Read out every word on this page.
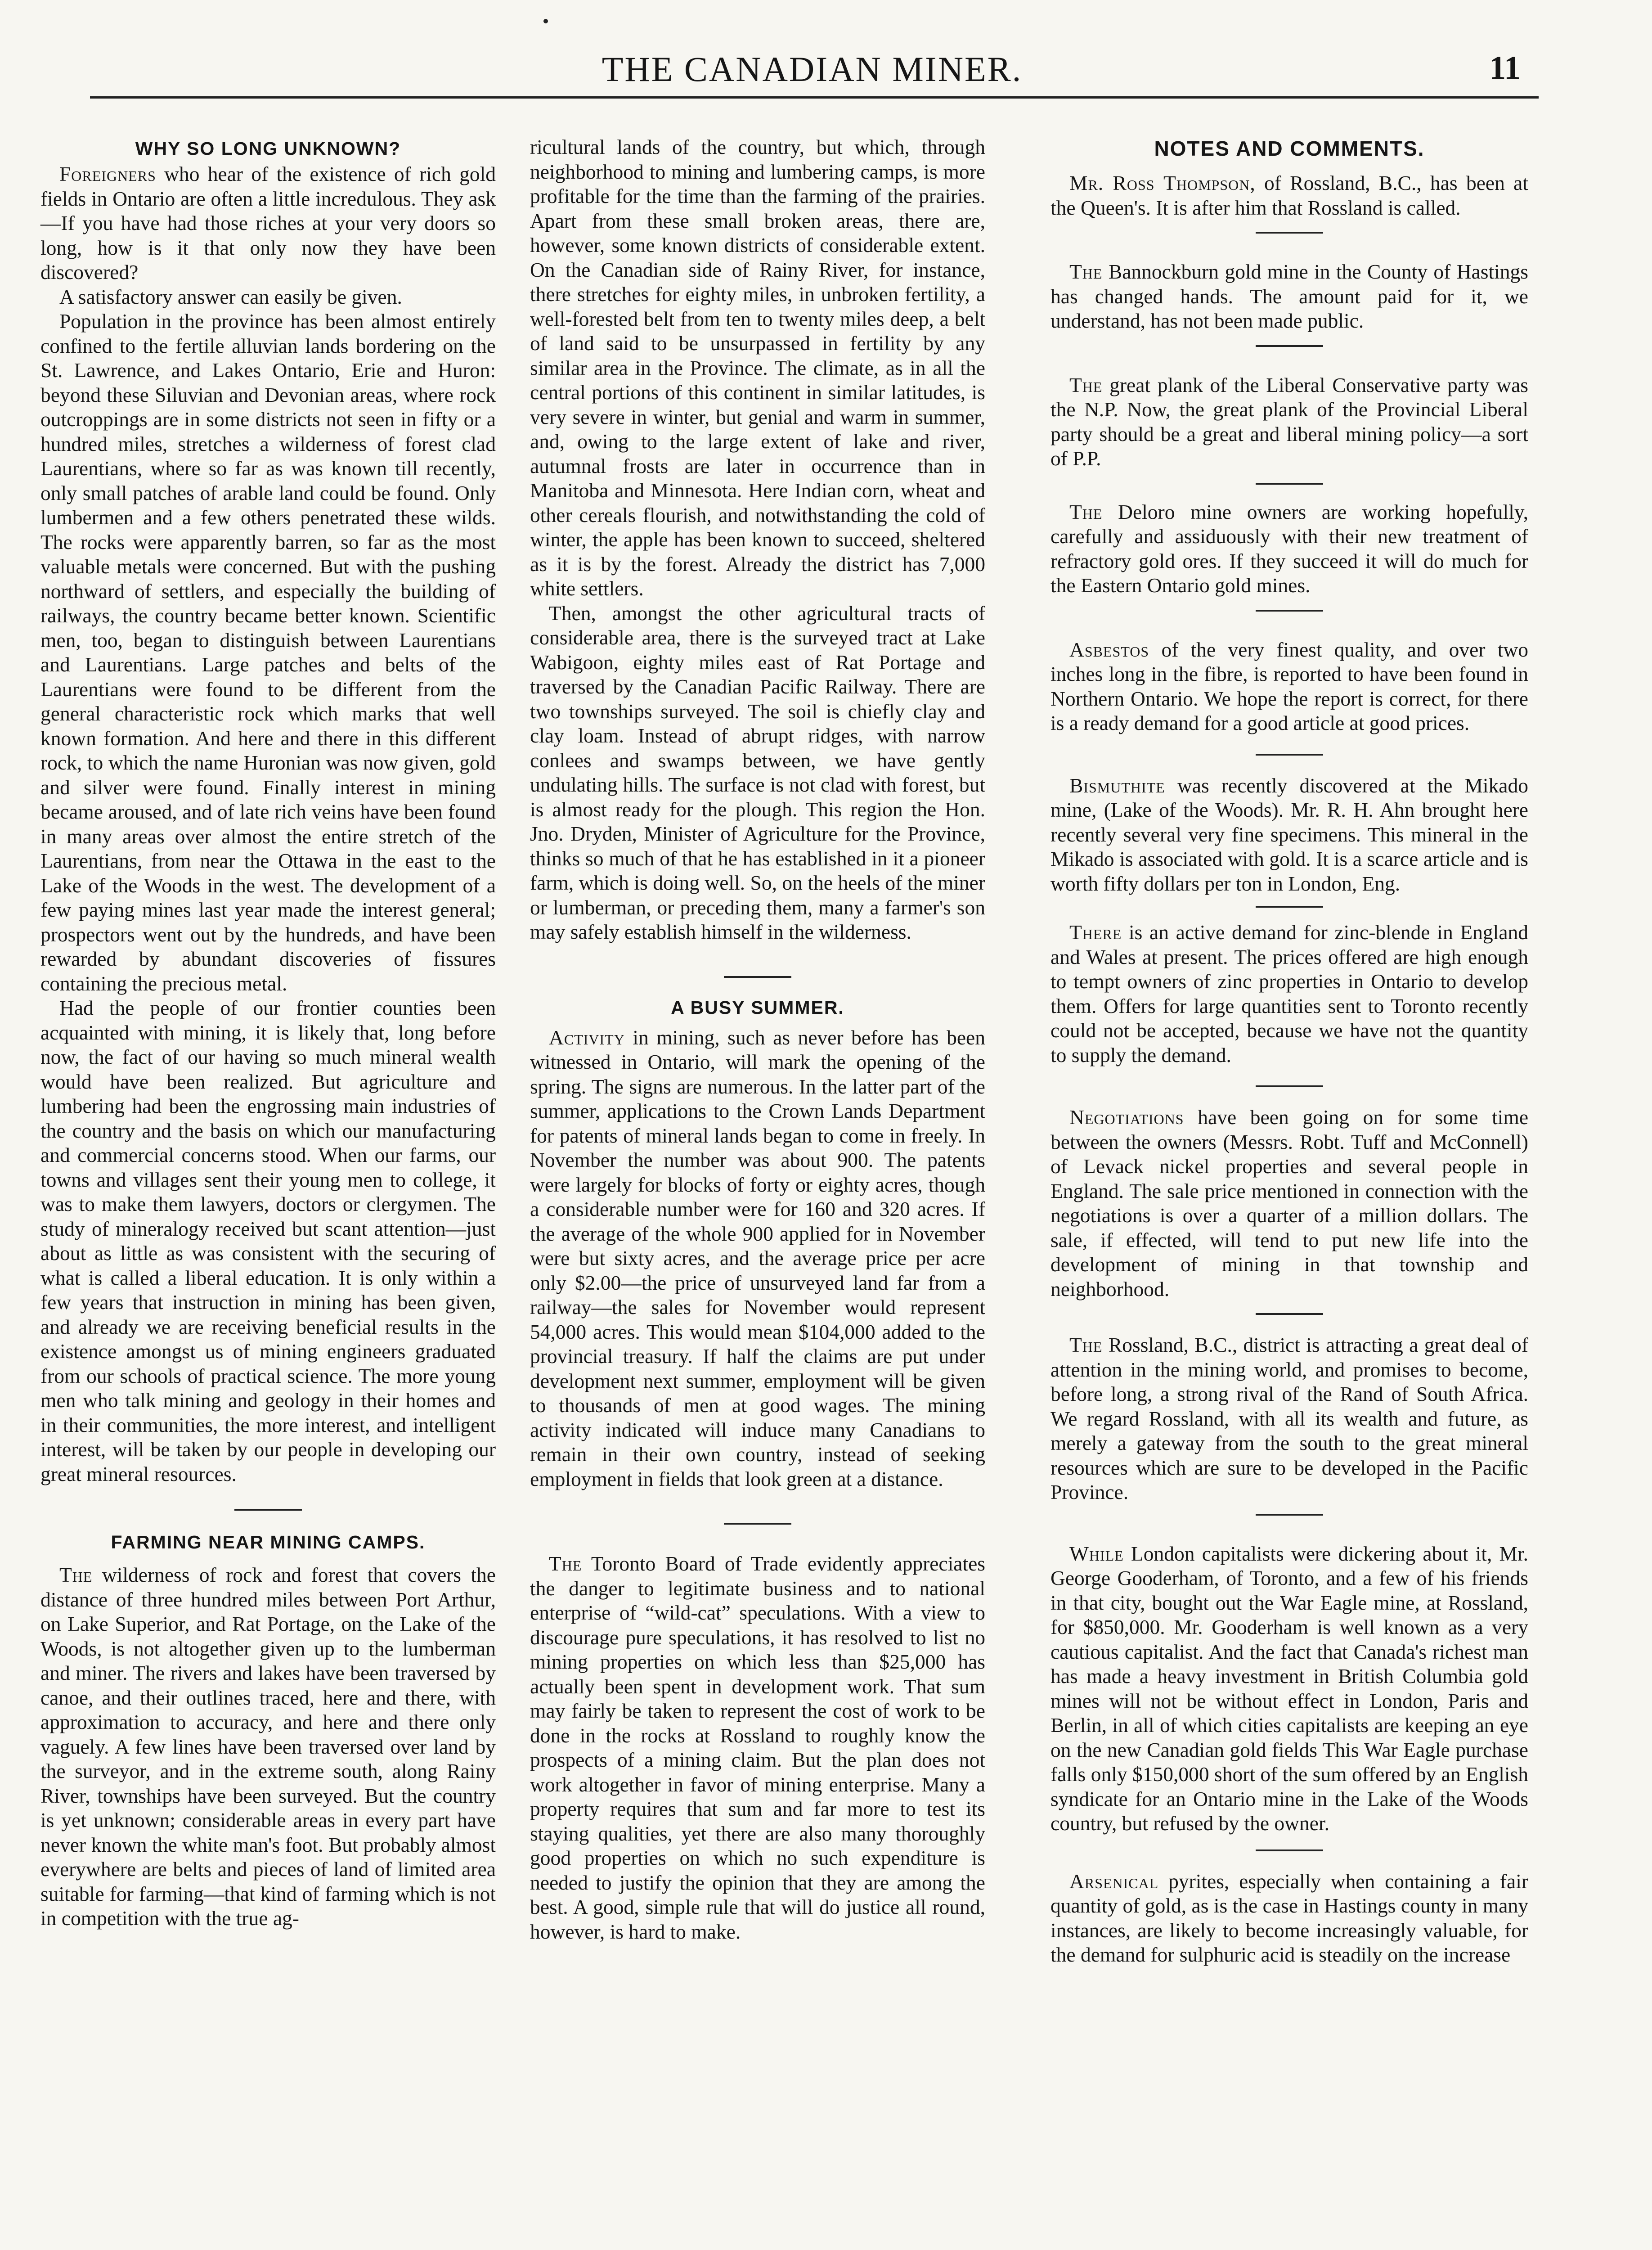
THE CANADIAN MINER.	11
WHY SO LONG UNKNOWN?

Foreigners who hear of the existence of rich gold fields in Ontario are often a little incredulous. They ask—If you have had those riches at your very doors so long, how is it that only now they have been discovered?

A satisfactory answer can easily be given.

Population in the province has been almost entirely confined to the fertile alluvian lands bordering on the St. Lawrence, and Lakes Ontario, Erie and Huron: beyond these Siluvian and Devonian areas, where rock outcroppings are in some districts not seen in fifty or a hundred miles, stretches a wilderness of forest clad Laurentians, where so far as was known till recently, only small patches of arable land could be found. Only lumbermen and a few others penetrated these wilds. The rocks were apparently barren, so far as the most valuable metals were concerned. But with the pushing northward of settlers, and especially the building of railways, the country became better known. Scientific men, too, began to distinguish between Laurentians and Laurentians. Large patches and belts of the Laurentians were found to be different from the general characteristic rock which marks that well known formation. And here and there in this different rock, to which the name Huronian was now given, gold and silver were found. Finally interest in mining became aroused, and of late rich veins have been found in many areas over almost the entire stretch of the Laurentians, from near the Ottawa in the east to the Lake of the Woods in the west. The development of a few paying mines last year made the interest general; prospectors went out by the hundreds, and have been rewarded by abundant discoveries of fissures containing the precious metal.

Had the people of our frontier counties been acquainted with mining, it is likely that, long before now, the fact of our having so much mineral wealth would have been realized. But agriculture and lumbering had been the engrossing main industries of the country and the basis on which our manufacturing and commercial concerns stood. When our farms, our towns and villages sent their young men to college, it was to make them lawyers, doctors or clergymen. The study of mineralogy received but scant attention—just about as little as was consistent with the securing of what is called a liberal education. It is only within a few years that instruction in mining has been given, and already we are receiving beneficial results in the existence amongst us of mining engineers graduated from our schools of practical science. The more young men who talk mining and geology in their homes and in their communities, the more interest, and intelligent interest, will be taken by our people in developing our great mineral resources.

FARMING NEAR MINING CAMPS.

The wilderness of rock and forest that covers the distance of three hundred miles between Port Arthur, on Lake Superior, and Rat Portage, on the Lake of the Woods, is not altogether given up to the lumberman and miner. The rivers and lakes have been traversed by canoe, and their outlines traced, here and there, with approximation to accuracy, and here and there only vaguely. A few lines have been traversed over land by the surveyor, and in the extreme south, along Rainy River, townships have been surveyed. But the country is yet unknown; considerable areas in every part have never known the white man's foot. But probably almost everywhere are belts and pieces of land of limited area suitable for farming—that kind of farming which is not in competition with the true ag-

ricultural lands of the country, but which, through neighborhood to mining and lumbering camps, is more profitable for the time than the farming of the prairies. Apart from these small broken areas, there are, however, some known districts of considerable extent. On the Canadian side of Rainy River, for instance, there stretches for eighty miles, in unbroken fertility, a well-forested belt from ten to twenty miles deep, a belt of land said to be unsurpassed in fertility by any similar area in the Province. The climate, as in all the central portions of this continent in similar latitudes, is very severe in winter, but genial and warm in summer, and, owing to the large extent of lake and river, autumnal frosts are later in occurrence than in Manitoba and Minnesota. Here Indian corn, wheat and other cereals flourish, and notwithstanding the cold of winter, the apple has been known to succeed, sheltered as it is by the forest. Already the district has 7,000 white settlers.

Then, amongst the other agricultural tracts of considerable area, there is the surveyed tract at Lake Wabigoon, eighty miles east of Rat Portage and traversed by the Canadian Pacific Railway. There are two townships surveyed. The soil is chiefly clay and clay loam. Instead of abrupt ridges, with narrow conlees and swamps between, we have gently undulating hills. The surface is not clad with forest, but is almost ready for the plough. This region the Hon. Jno. Dryden, Minister of Agriculture for the Province, thinks so much of that he has established in it a pioneer farm, which is doing well. So, on the heels of the miner or lumberman, or preceding them, many a farmer's son may safely establish himself in the wilderness.

A BUSY SUMMER.

Activity in mining, such as never before has been witnessed in Ontario, will mark the opening of the spring. The signs are numerous. In the latter part of the summer, applications to the Crown Lands Department for patents of mineral lands began to come in freely. In November the number was about 900. The patents were largely for blocks of forty or eighty acres, though a considerable number were for 160 and 320 acres. If the average of the whole 900 applied for in November were but sixty acres, and the average price per acre only $2.00—the price of unsurveyed land far from a railway—the sales for November would represent 54,000 acres. This would mean $104,000 added to the provincial treasury. If half the claims are put under development next summer, employment will be given to thousands of men at good wages. The mining activity indicated will induce many Canadians to remain in their own country, instead of seeking employment in fields that look green at a distance.

The Toronto Board of Trade evidently appreciates the danger to legitimate business and to national enterprise of “wild-cat” speculations. With a view to discourage pure speculations, it has resolved to list no mining properties on which less than $25,000 has actually been spent in development work. That sum may fairly be taken to represent the cost of work to be done in the rocks at Rossland to roughly know the prospects of a mining claim. But the plan does not work altogether in favor of mining enterprise. Many a property requires that sum and far more to test its staying qualities, yet there are also many thoroughly good properties on which no such expenditure is needed to justify the opinion that they are among the best. A good, simple rule that will do justice all round, however, is hard to make.

NOTES AND COMMENTS.

Mr. Ross Thompson, of Rossland, B.C., has been at the Queen's. It is after him that Rossland is called.

The Bannockburn gold mine in the County of Hastings has changed hands. The amount paid for it, we understand, has not been made public.

The great plank of the Liberal Conservative party was the N.P. Now, the great plank of the Provincial Liberal party should be a great and liberal mining policy—a sort of P.P.

The Deloro mine owners are working hopefully, carefully and assiduously with their new treatment of refractory gold ores. If they succeed it will do much for the Eastern Ontario gold mines.

Asbestos of the very finest quality, and over two inches long in the fibre, is reported to have been found in Northern Ontario. We hope the report is correct, for there is a ready demand for a good article at good prices.

Bismuthite was recently discovered at the Mikado mine, (Lake of the Woods). Mr. R. H. Ahn brought here recently several very fine specimens. This mineral in the Mikado is associated with gold. It is a scarce article and is worth fifty dollars per ton in London, Eng.

There is an active demand for zinc-blende in England and Wales at present. The prices offered are high enough to tempt owners of zinc properties in Ontario to develop them. Offers for large quantities sent to Toronto recently could not be accepted, because we have not the quantity to supply the demand.

Negotiations have been going on for some time between the owners (Messrs. Robt. Tuff and McConnell) of Levack nickel properties and several people in England. The sale price mentioned in connection with the negotiations is over a quarter of a million dollars. The sale, if effected, will tend to put new life into the development of mining in that township and neighborhood.

The Rossland, B.C., district is attracting a great deal of attention in the mining world, and promises to become, before long, a strong rival of the Rand of South Africa. We regard Rossland, with all its wealth and future, as merely a gateway from the south to the great mineral resources which are sure to be developed in the Pacific Province.

While London capitalists were dickering about it, Mr. George Gooderham, of Toronto, and a few of his friends in that city, bought out the War Eagle mine, at Rossland, for $850,000. Mr. Gooderham is well known as a very cautious capitalist. And the fact that Canada's richest man has made a heavy investment in British Columbia gold mines will not be without effect in London, Paris and Berlin, in all of which cities capitalists are keeping an eye on the new Canadian gold fields This War Eagle purchase falls only $150,000 short of the sum offered by an English syndicate for an Ontario mine in the Lake of the Woods country, but refused by the owner.

Arsenical pyrites, especially when containing a fair quantity of gold, as is the case in Hastings county in many instances, are likely to become increasingly valuable, for the demand for sulphuric acid is steadily on the increase
